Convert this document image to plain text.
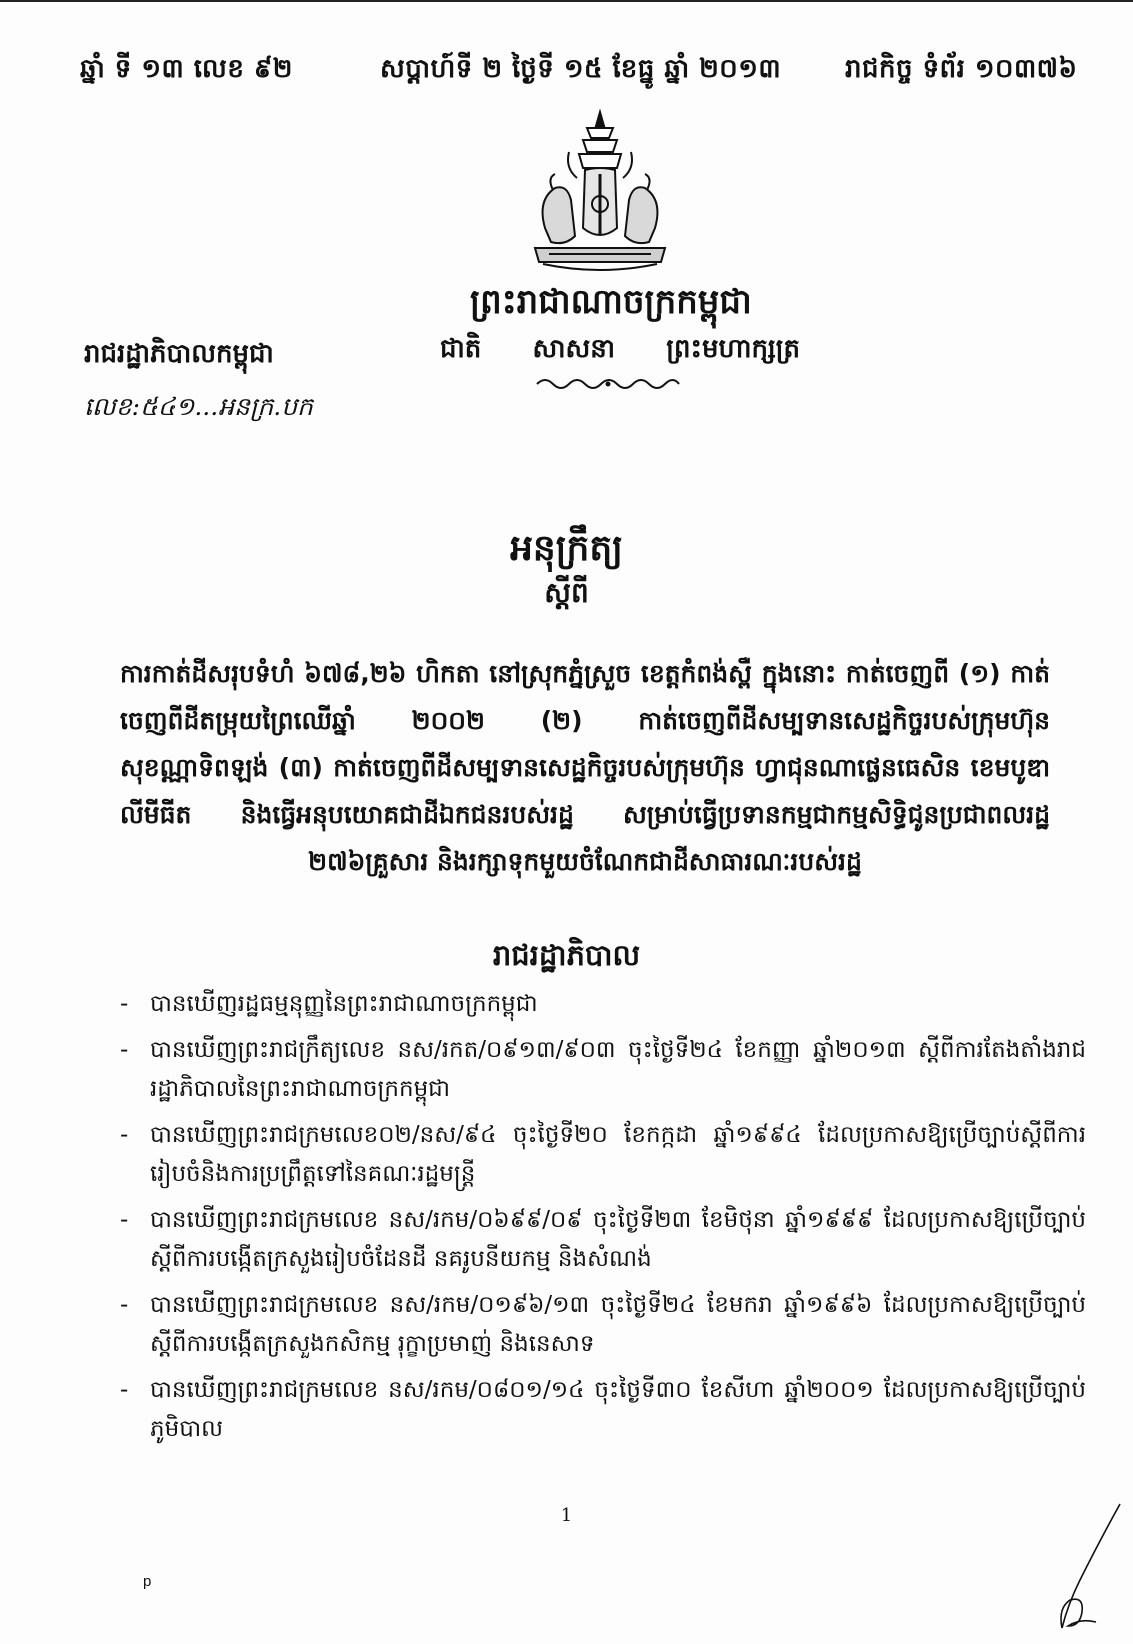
ឆ្នាំ ទី ១៣ លេខ ៩២	សប្តាហ៍ទី ២ ថ្ងៃទី ១៥ ខែធ្នូ ឆ្នាំ ២០១៣ រាជកិច្ច ទំព័រ ១០៣៧៦
ព្រះរាជាណាចក្រកម្ពុជា
ជាតិ សាសនា ព្រះមហាក្សត្រ
រាជរដ្ឋាភិបាលកម្ពុជា
លេខ:៥៤១...អនក្រ.បក
អនុក្រឹត្យ
ស្តីពី
ការកាត់ដីសរុបទំហំ ៦៧៨,២៦ ហិកតា នៅស្រុកភ្នំស្រួច ខេត្តកំពង់ស្ពឺ ក្នុងនោះ កាត់ចេញពី (១) កាត់ចេញពីដីតម្រុយព្រៃឈើឆ្នាំ ២០០២ (២) កាត់ចេញពីដីសម្បទានសេដ្ឋកិច្ចរបស់ក្រុមហ៊ុន សុខណ្ណាទិពឡង់ (៣) កាត់ចេញពីដីសម្បទានសេដ្ឋកិច្ចរបស់ក្រុមហ៊ុន ហ្វាជុនណាផ្លេនធេសិន ខេមបូឌា លីមីធីត និងធ្វើអនុបយោគជាដីឯកជនរបស់រដ្ឋ សម្រាប់ធ្វើប្រទានកម្មជាកម្មសិទ្ធិជូនប្រជាពលរដ្ឋ ២៧៦គ្រួសារ និងរក្សាទុកមួយចំណែកជាដីសាធារណៈរបស់រដ្ឋ
រាជរដ្ឋាភិបាល
- បានឃើញរដ្ឋធម្មនុញ្ញនៃព្រះរាជាណាចក្រកម្ពុជា
- បានឃើញព្រះរាជក្រឹត្យលេខ នស/រកត/០៩១៣/៩០៣ ចុះថ្ងៃទី២៤ ខែកញ្ញា ឆ្នាំ២០១៣ ស្តីពីការតែងតាំងរាជរដ្ឋាភិបាលនៃព្រះរាជាណាចក្រកម្ពុជា
- បានឃើញព្រះរាជក្រមលេខ០២/នស/៩៤ ចុះថ្ងៃទី២០ ខែកក្កដា ឆ្នាំ១៩៩៤ ដែលប្រកាសឱ្យប្រើច្បាប់ស្តីពីការរៀបចំនិងការប្រព្រឹត្តទៅនៃគណៈរដ្ឋមន្ត្រី
- បានឃើញព្រះរាជក្រមលេខ នស/រកម/០៦៩៩/០៩ ចុះថ្ងៃទី២៣ ខែមិថុនា ឆ្នាំ១៩៩៩ ដែលប្រកាសឱ្យប្រើច្បាប់ស្តីពីការបង្កើតក្រសួងរៀបចំដែនដី នគរូបនីយកម្ម និងសំណង់
- បានឃើញព្រះរាជក្រមលេខ នស/រកម/០១៩៦/១៣ ចុះថ្ងៃទី២៤ ខែមករា ឆ្នាំ១៩៩៦ ដែលប្រកាសឱ្យប្រើច្បាប់ស្តីពីការបង្កើតក្រសួងកសិកម្ម រុក្ខាប្រមាញ់ និងនេសាទ
- បានឃើញព្រះរាជក្រមលេខ នស/រកម/០៨០១/១៤ ចុះថ្ងៃទី៣០ ខែសីហា ឆ្នាំ២០០១ ដែលប្រកាសឱ្យប្រើច្បាប់ភូមិបាល
1
p
